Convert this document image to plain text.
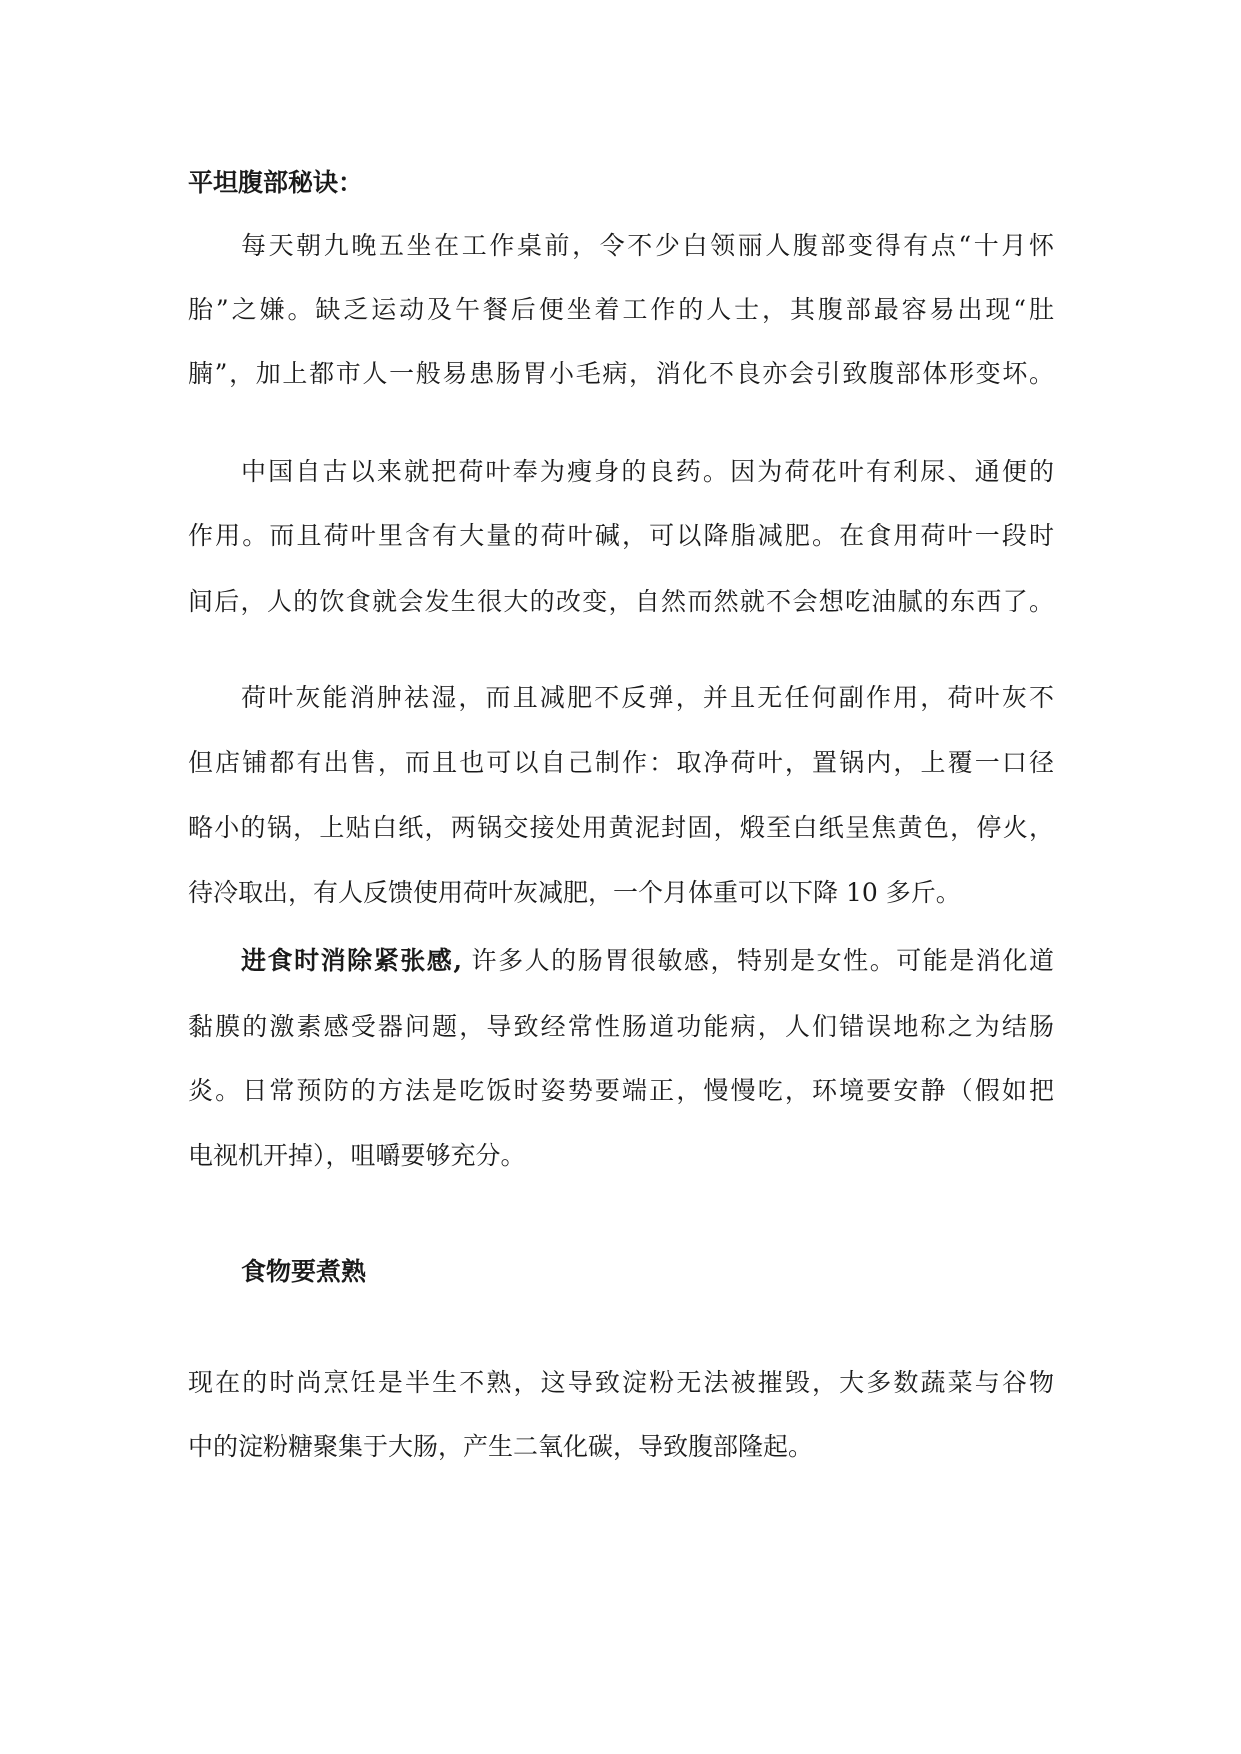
平坦腹部秘诀：
每天朝九晚五坐在工作桌前，令不少白领丽人腹部变得有点“十月怀
胎”之嫌。缺乏运动及午餐后便坐着工作的人士，其腹部最容易出现“肚
腩”，加上都市人一般易患肠胃小毛病，消化不良亦会引致腹部体形变坏。
中国自古以来就把荷叶奉为瘦身的良药。因为荷花叶有利尿、通便的
作用。而且荷叶里含有大量的荷叶碱，可以降脂减肥。在食用荷叶一段时
间后，人的饮食就会发生很大的改变，自然而然就不会想吃油腻的东西了。
荷叶灰能消肿祛湿，而且减肥不反弹，并且无任何副作用，荷叶灰不
但店铺都有出售，而且也可以自己制作：取净荷叶，置锅内，上覆一口径
略小的锅，上贴白纸，两锅交接处用黄泥封固，煅至白纸呈焦黄色，停火，
待冷取出，有人反馈使用荷叶灰减肥，一个月体重可以下降 10 多斤。
进食时消除紧张感, 许多人的肠胃很敏感，特别是女性。可能是消化道
黏膜的激素感受器问题，导致经常性肠道功能病，人们错误地称之为结肠
炎。日常预防的方法是吃饭时姿势要端正，慢慢吃，环境要安静（假如把
电视机开掉），咀嚼要够充分。
食物要煮熟
现在的时尚烹饪是半生不熟，这导致淀粉无法被摧毁，大多数蔬菜与谷物
中的淀粉糖聚集于大肠，产生二氧化碳，导致腹部隆起。
